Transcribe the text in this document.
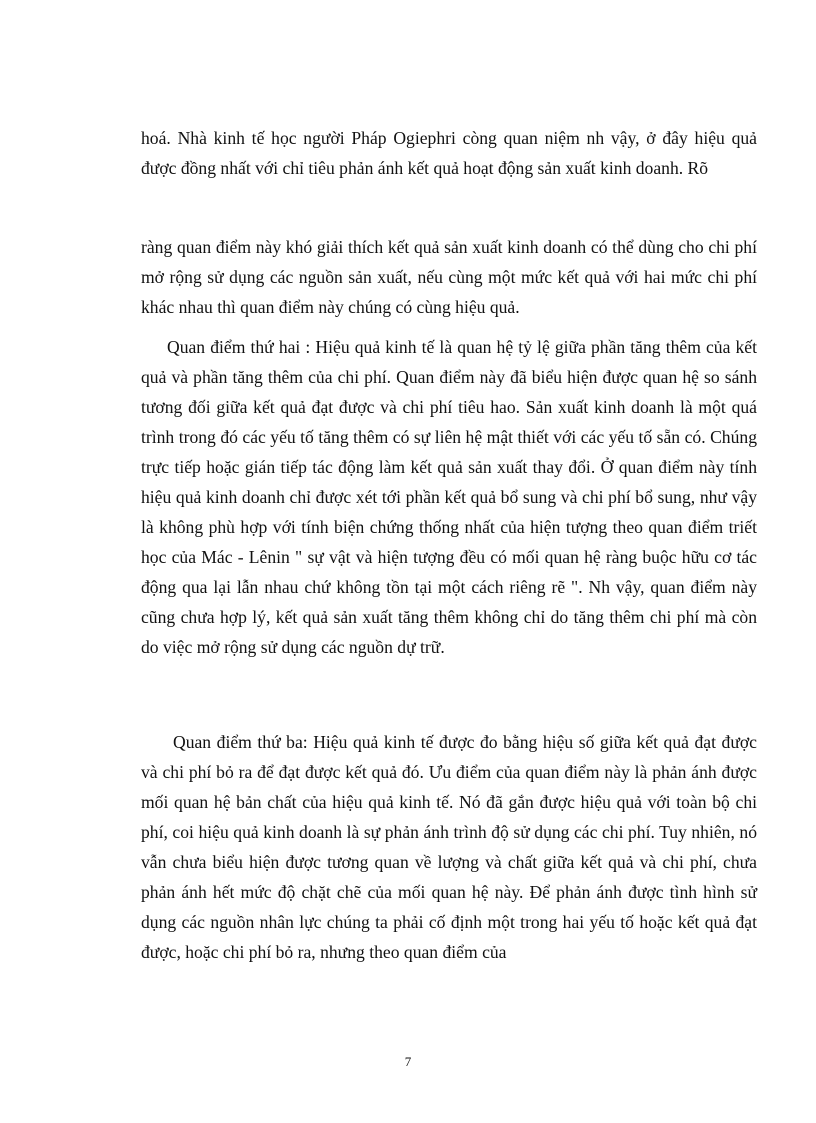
hoá. Nhà kinh tế học người Pháp Ogiephri còng quan niệm nh vậy, ở đây hiệu quả được đồng nhất với chỉ tiêu phản ánh kết quả hoạt động sản xuất kinh doanh. Rõ

ràng quan điểm này khó giải thích kết quả sản xuất kinh doanh có thể dùng cho chi phí mở rộng sử dụng các nguồn sản xuất, nếu cùng một mức kết quả với hai mức chi phí khác nhau thì quan điểm này chúng có cùng hiệu quả.

Quan điểm thứ hai : Hiệu quả kinh tế là quan hệ tỷ lệ giữa phần tăng thêm của kết quả và phần tăng thêm của chi phí. Quan điểm này đã biểu hiện được quan hệ so sánh tương đối giữa kết quả đạt được và chi phí tiêu hao. Sản xuất kinh doanh là một quá trình trong đó các yếu tố tăng thêm có sự liên hệ mật thiết với các yếu tố sẵn có. Chúng trực tiếp hoặc gián tiếp tác động làm kết quả sản xuất thay đổi. Ở quan điểm này tính hiệu quả kinh doanh chỉ được xét tới phần kết quả bổ sung và chi phí bổ sung, như vậy là không phù hợp với tính biện chứng thống nhất của hiện tượng theo quan điểm triết học của Mác - Lênin " sự vật và hiện tượng đều có mối quan hệ ràng buộc hữu cơ tác động qua lại lẫn nhau chứ không tồn tại một cách riêng rẽ ". Nh vậy, quan điểm này cũng chưa hợp lý, kết quả sản xuất tăng thêm không chỉ do tăng thêm chi phí mà còn do việc mở rộng sử dụng các nguồn dự trữ.

Quan điểm thứ ba: Hiệu quả kinh tế được đo bằng hiệu số giữa kết quả đạt được và chi phí bỏ ra để đạt được kết quả đó. Ưu điểm của quan điểm này là phản ánh được mối quan hệ bản chất của hiệu quả kinh tế. Nó đã gắn được hiệu quả với toàn bộ chi phí, coi hiệu quả kinh doanh là sự phản ánh trình độ sử dụng các chi phí. Tuy nhiên, nó vẫn chưa biểu hiện được tương quan về lượng và chất giữa kết quả và chi phí, chưa phản ánh hết mức độ chặt chẽ của mối quan hệ này. Để phản ánh được tình hình sử dụng các nguồn nhân lực chúng ta phải cố định một trong hai yếu tố hoặc kết quả đạt được, hoặc chi phí bỏ ra, nhưng theo quan điểm của

7
